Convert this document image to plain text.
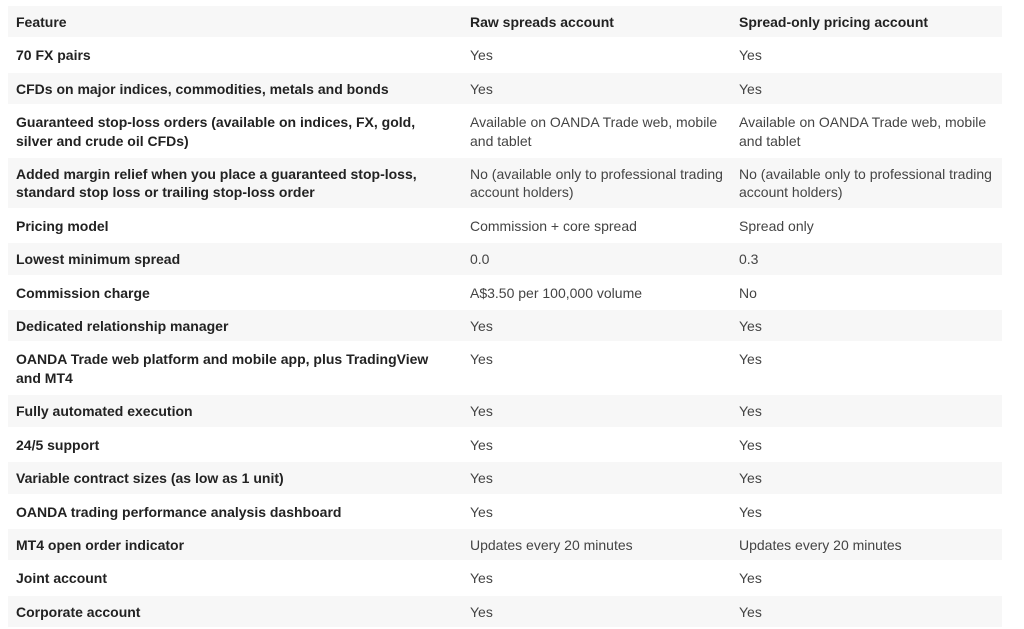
Feature	Raw spreads account	Spread-only pricing account
70 FX pairs	Yes	Yes
CFDs on major indices, commodities, metals and bonds	Yes	Yes
Guaranteed stop-loss orders (available on indices, FX, gold, silver and crude oil CFDs)	Available on OANDA Trade web, mobile and tablet	Available on OANDA Trade web, mobile and tablet
Added margin relief when you place a guaranteed stop-loss, standard stop loss or trailing stop-loss order	No (available only to professional trading account holders)	No (available only to professional trading account holders)
Pricing model	Commission + core spread	Spread only
Lowest minimum spread	0.0	0.3
Commission charge	A$3.50 per 100,000 volume	No
Dedicated relationship manager	Yes	Yes
OANDA Trade web platform and mobile app, plus TradingView and MT4	Yes	Yes
Fully automated execution	Yes	Yes
24/5 support	Yes	Yes
Variable contract sizes (as low as 1 unit)	Yes	Yes
OANDA trading performance analysis dashboard	Yes	Yes
MT4 open order indicator	Updates every 20 minutes	Updates every 20 minutes
Joint account	Yes	Yes
Corporate account	Yes	Yes
